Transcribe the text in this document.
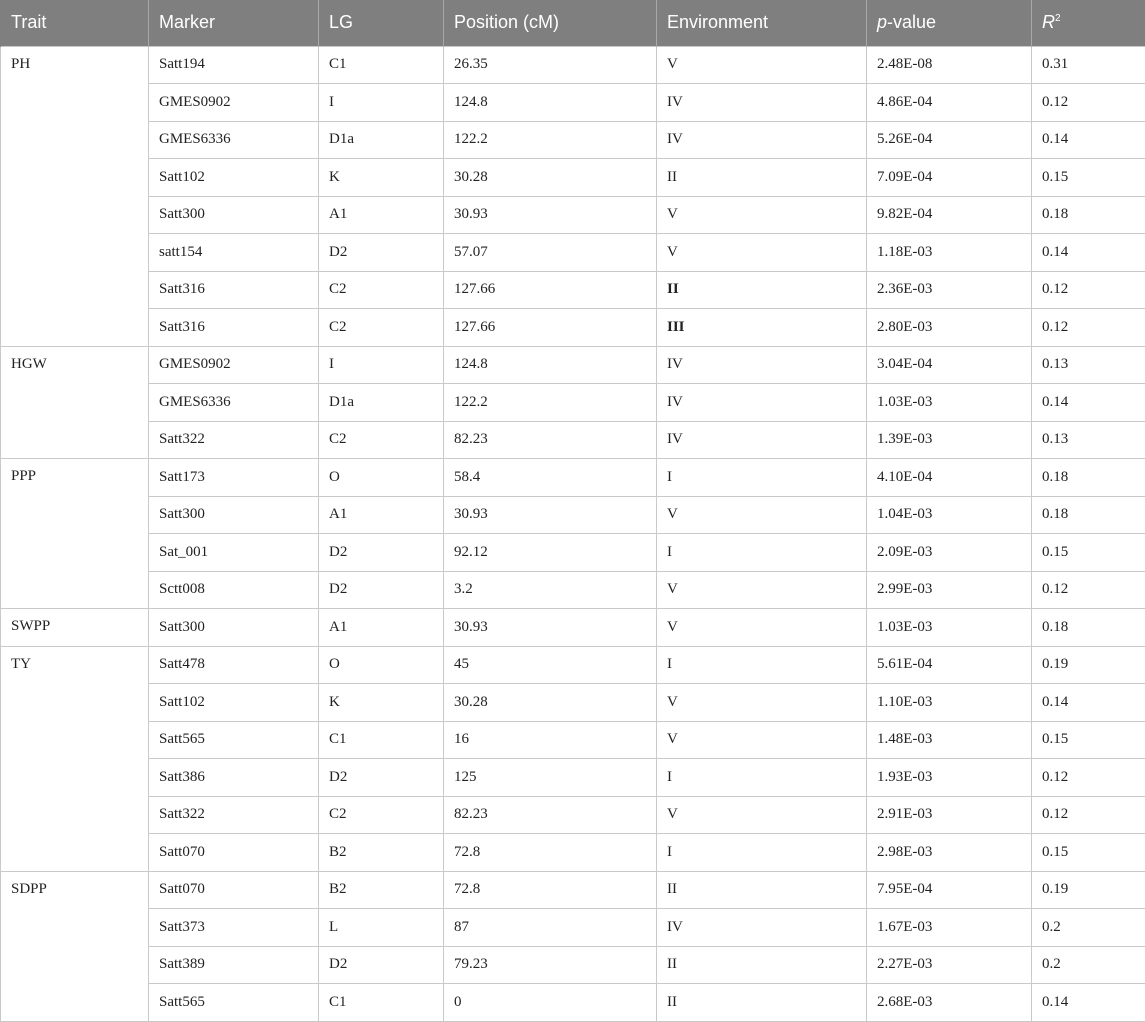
Trait	Marker	LG	Position (cM)	Environment	p-value	$R^2$
PH	Satt194	C1	26.35	V	2.48E-08	0.31
	GMES0902	I	124.8	IV	4.86E-04	0.12
	GMES6336	D1a	122.2	IV	5.26E-04	0.14
	Satt102	K	30.28	II	7.09E-04	0.15
	Satt300	A1	30.93	V	9.82E-04	0.18
	satt154	D2	57.07	V	1.18E-03	0.14
	Satt316	C2	127.66	II	2.36E-03	0.12
	Satt316	C2	127.66	III	2.80E-03	0.12
HGW	GMES0902	I	124.8	IV	3.04E-04	0.13
	GMES6336	D1a	122.2	IV	1.03E-03	0.14
	Satt322	C2	82.23	IV	1.39E-03	0.13
PPP	Satt173	O	58.4	I	4.10E-04	0.18
	Satt300	A1	30.93	V	1.04E-03	0.18
	Sat_001	D2	92.12	I	2.09E-03	0.15
	Sctt008	D2	3.2	V	2.99E-03	0.12
SWPP	Satt300	A1	30.93	V	1.03E-03	0.18
TY	Satt478	O	45	I	5.61E-04	0.19
	Satt102	K	30.28	V	1.10E-03	0.14
	Satt565	C1	16	V	1.48E-03	0.15
	Satt386	D2	125	I	1.93E-03	0.12
	Satt322	C2	82.23	V	2.91E-03	0.12
	Satt070	B2	72.8	I	2.98E-03	0.15
SDPP	Satt070	B2	72.8	II	7.95E-04	0.19
	Satt373	L	87	IV	1.67E-03	0.2
	Satt389	D2	79.23	II	2.27E-03	0.2
	Satt565	C1	0	II	2.68E-03	0.14
